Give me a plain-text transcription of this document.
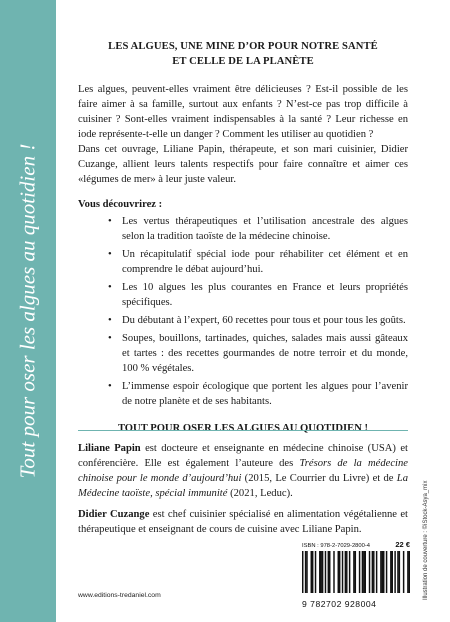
Tout pour oser les algues au quotidien !
LES ALGUES, UNE MINE D’OR POUR NOTRE SANTÉ
ET CELLE DE LA PLANÈTE

Les algues, peuvent-elles vraiment être délicieuses ? Est-il possible de les faire aimer à sa famille, surtout aux enfants ? N’est-ce pas trop difficile à cuisiner ? Sont-elles vraiment indispensables à la santé ? Leur richesse en iode représente-t-elle un danger ? Comment les utiliser au quotidien ?

Dans cet ouvrage, Liliane Papin, thérapeute, et son mari cuisinier, Didier Cuzange, allient leurs talents respectifs pour faire connaître et aimer ces «légumes de mer» à leur juste valeur.

Vous découvrirez :

• Les vertus thérapeutiques et l’utilisation ancestrale des algues selon la tradition taoïste de la médecine chinoise.
• Un récapitulatif spécial iode pour réhabiliter cet élément et en comprendre le débat aujourd’hui.
• Les 10 algues les plus courantes en France et leurs propriétés spécifiques.
• Du débutant à l’expert, 60 recettes pour tous et pour tous les goûts.
• Soupes, bouillons, tartinades, quiches, salades mais aussi gâteaux et tartes : des recettes gourmandes de notre terroir et du monde, 100 % végétales.
• L’immense espoir écologique que portent les algues pour l’avenir de notre planète et de ses habitants.

TOUT POUR OSER LES ALGUES AU QUOTIDIEN !

Liliane Papin est docteure et enseignante en médecine chinoise (USA) et conférencière. Elle est également l’auteure des Trésors de la médecine chinoise pour le monde d’aujourd’hui (2015, Le Courrier du Livre) et de La Médecine taoïste, spécial immunité (2021, Leduc).

Didier Cuzange est chef cuisinier spécialisé en alimentation végétalienne et thérapeutique et enseignant de cours de cuisine avec Liliane Papin.

www.editions-tredaniel.com
ISBN : 978-2-7029-2800-4	22 €
9 782702 928004
Illustration de couverture : ©iStock-Asya_mix
